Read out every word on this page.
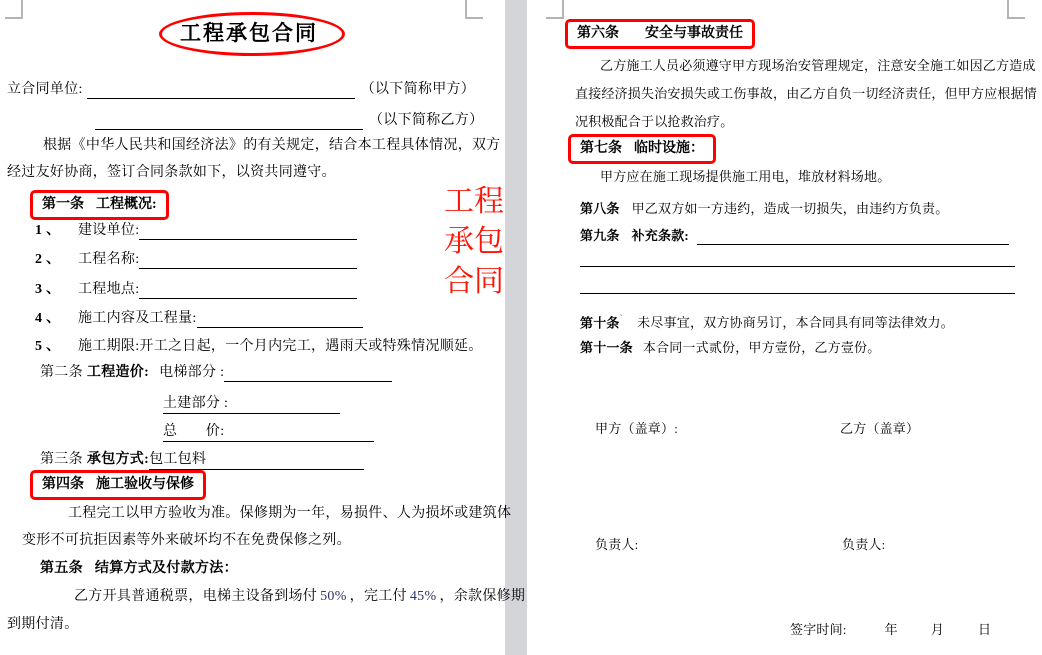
工程承包合同
立合同单位:	（以下简称甲方）
（以下简称乙方）
根据《中华人民共和国经济法》的有关规定，结合本工程具体情况，双方
经过友好协商，签订合同条款如下，以资共同遵守。
第一条 工程概况:
1 、 建设单位:
2 、 工程名称:
3 、 工程地点:
4 、 施工内容及工程量:
5 、 施工期限:开工之日起，一个月内完工，遇雨天或特殊情况顺延。
第二条 工程造价: 电梯部分 :
土建部分 :
总　　价:
第三条 承包方式:包工包料
第四条 施工验收与保修
工程完工以甲方验收为准。保修期为一年，易损件、人为损坏或建筑体
变形不可抗拒因素等外来破坏均不在免费保修之列。
第五条 结算方式及付款方法：
乙方开具普通税票，电梯主设备到场付 50% ，完工付 45% ，余款保修期
到期付清。
工程
承包
合同
第六条 安全与事故责任
乙方施工人员必须遵守甲方现场治安管理规定，注意安全施工如因乙方造成
直接经济损失治安损失或工伤事故，由乙方自负一切经济责任，但甲方应根据情
况积极配合于以抢救治疗。
第七条 临时设施：
甲方应在施工现场提供施工用电，堆放材料场地。
第八条 甲乙双方如一方违约，造成一切损失，由违约方负责。
第九条 补充条款:
第十条$^ˋ$ 未尽事宜，双方协商另订，本合同具有同等法律效力。
第十一条 本合同一式贰份，甲方壹份，乙方壹份。
甲方（盖章）:	乙方（盖章）
负责人:	负责人:
签字时间:	年	月	日
